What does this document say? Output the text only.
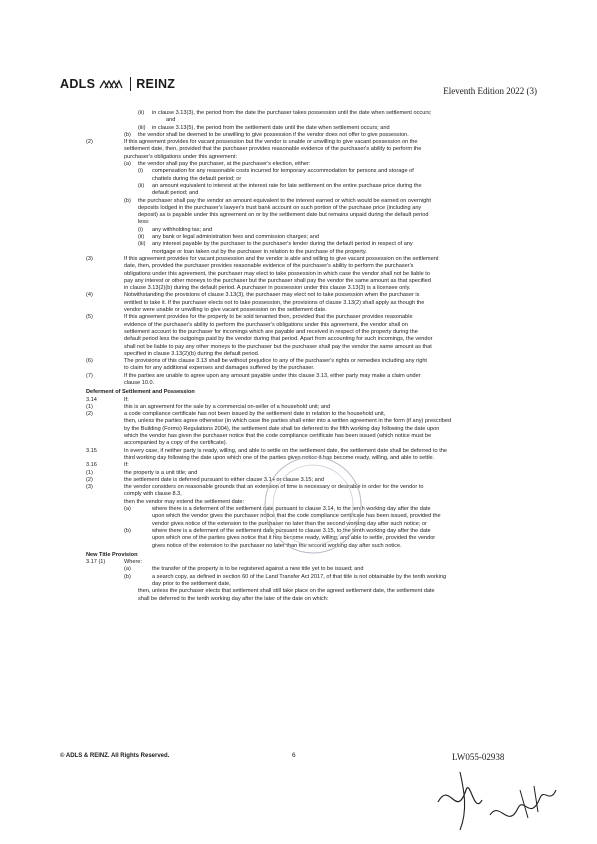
ADLS	REINZ	Eleventh Edition 2022 (3)
(ii) in clause 3.13(3), the period from the date the purchaser takes possession until the date when settlement occurs;
and
(iii) in clause 3.13(5), the period from the settlement date until the date when settlement occurs; and
(b) the vendor shall be deemed to be unwilling to give possession if the vendor does not offer to give possession.
(2)	If this agreement provides for vacant possession but the vendor is unable or unwilling to give vacant possession on the
settlement date, then, provided that the purchaser provides reasonable evidence of the purchaser's ability to perform the
purchaser's obligations under this agreement:
(a) the vendor shall pay the purchaser, at the purchaser's election, either:
(i) compensation for any reasonable costs incurred for temporary accommodation for persons and storage of
chattels during the default period; or
(ii) an amount equivalent to interest at the interest rate for late settlement on the entire purchase price during the
default period; and
(b) the purchaser shall pay the vendor an amount equivalent to the interest earned or which would be earned on overnight
deposits lodged in the purchaser's lawyer's trust bank account on such portion of the purchase price (including any
deposit) as is payable under this agreement on or by the settlement date but remains unpaid during the default period
less:
(i) any withholding tax; and
(ii) any bank or legal administration fees and commission charges; and
(iii) any interest payable by the purchaser to the purchaser's lender during the default period in respect of any
mortgage or loan taken out by the purchaser in relation to the purchase of the property.
(3)	If this agreement provides for vacant possession and the vendor is able and willing to give vacant possession on the settlement
date, then, provided the purchaser provides reasonable evidence of the purchaser's ability to perform the purchaser's
obligations under this agreement, the purchaser may elect to take possession in which case the vendor shall not be liable to
pay any interest or other moneys to the purchaser but the purchaser shall pay the vendor the same amount as that specified
in clause 3.13(2)(b) during the default period. A purchaser in possession under this clause 3.13(3) is a licensee only.
(4)	Notwithstanding the provisions of clause 3.13(3), the purchaser may elect not to take possession when the purchaser is
entitled to take it. If the purchaser elects not to take possession, the provisions of clause 3.13(2) shall apply as though the
vendor were unable or unwilling to give vacant possession on the settlement date.
(5)	If this agreement provides for the property to be sold tenanted then, provided that the purchaser provides reasonable
evidence of the purchaser's ability to perform the purchaser's obligations under this agreement, the vendor shall on
settlement account to the purchaser for incomings which are payable and received in respect of the property during the
default period less the outgoings paid by the vendor during that period. Apart from accounting for such incomings, the vendor
shall not be liable to pay any other moneys to the purchaser but the purchaser shall pay the vendor the same amount as that
specified in clause 3.13(2)(b) during the default period.
(6)	The provisions of this clause 3.13 shall be without prejudice to any of the purchaser's rights or remedies including any right
to claim for any additional expenses and damages suffered by the purchaser.
(7)	If the parties are unable to agree upon any amount payable under this clause 3.13, either party may make a claim under
clause 10.0.
Deferment of Settlement and Possession
3.14	If:
(1)	this is an agreement for the sale by a commercial on-seller of a household unit; and
(2)	a code compliance certificate has not been issued by the settlement date in relation to the household unit,
then, unless the parties agree otherwise (in which case the parties shall enter into a written agreement in the form (if any) prescribed
by the Building (Forms) Regulations 2004), the settlement date shall be deferred to the fifth working day following the date upon
which the vendor has given the purchaser notice that the code compliance certificate has been issued (which notice must be
accompanied by a copy of the certificate).
3.15	In every case, if neither party is ready, willing, and able to settle on the settlement date, the settlement date shall be deferred to the
third working day following the date upon which one of the parties gives notice it has become ready, willing, and able to settle.
3.16	If:
(1)	the property is a unit title; and
(2)	the settlement date is deferred pursuant to either clause 3.14 or clause 3.15; and
(3)	the vendor considers on reasonable grounds that an extension of time is necessary or desirable in order for the vendor to
comply with clause 8.3,
then the vendor may extend the settlement date:
(a)	where there is a deferment of the settlement date pursuant to clause 3.14, to the tenth working day after the date
upon which the vendor gives the purchaser notice that the code compliance certificate has been issued, provided the
vendor gives notice of the extension to the purchaser no later than the second working day after such notice; or
(b)	where there is a deferment of the settlement date pursuant to clause 3.15, to the tenth working day after the date
upon which one of the parties gives notice that it has become ready, willing, and able to settle, provided the vendor
gives notice of the extension to the purchaser no later than the second working day after such notice.
New Title Provision
3.17 (1)	Where:
(a)	the transfer of the property is to be registered against a new title yet to be issued; and
(b)	a search copy, as defined in section 60 of the Land Transfer Act 2017, of that title is not obtainable by the tenth working
day prior to the settlement date,
then, unless the purchaser elects that settlement shall still take place on the agreed settlement date, the settlement date
shall be deferred to the tenth working day after the later of the date on which:
© ADLS & REINZ. All Rights Reserved.	6	LW055-02938
